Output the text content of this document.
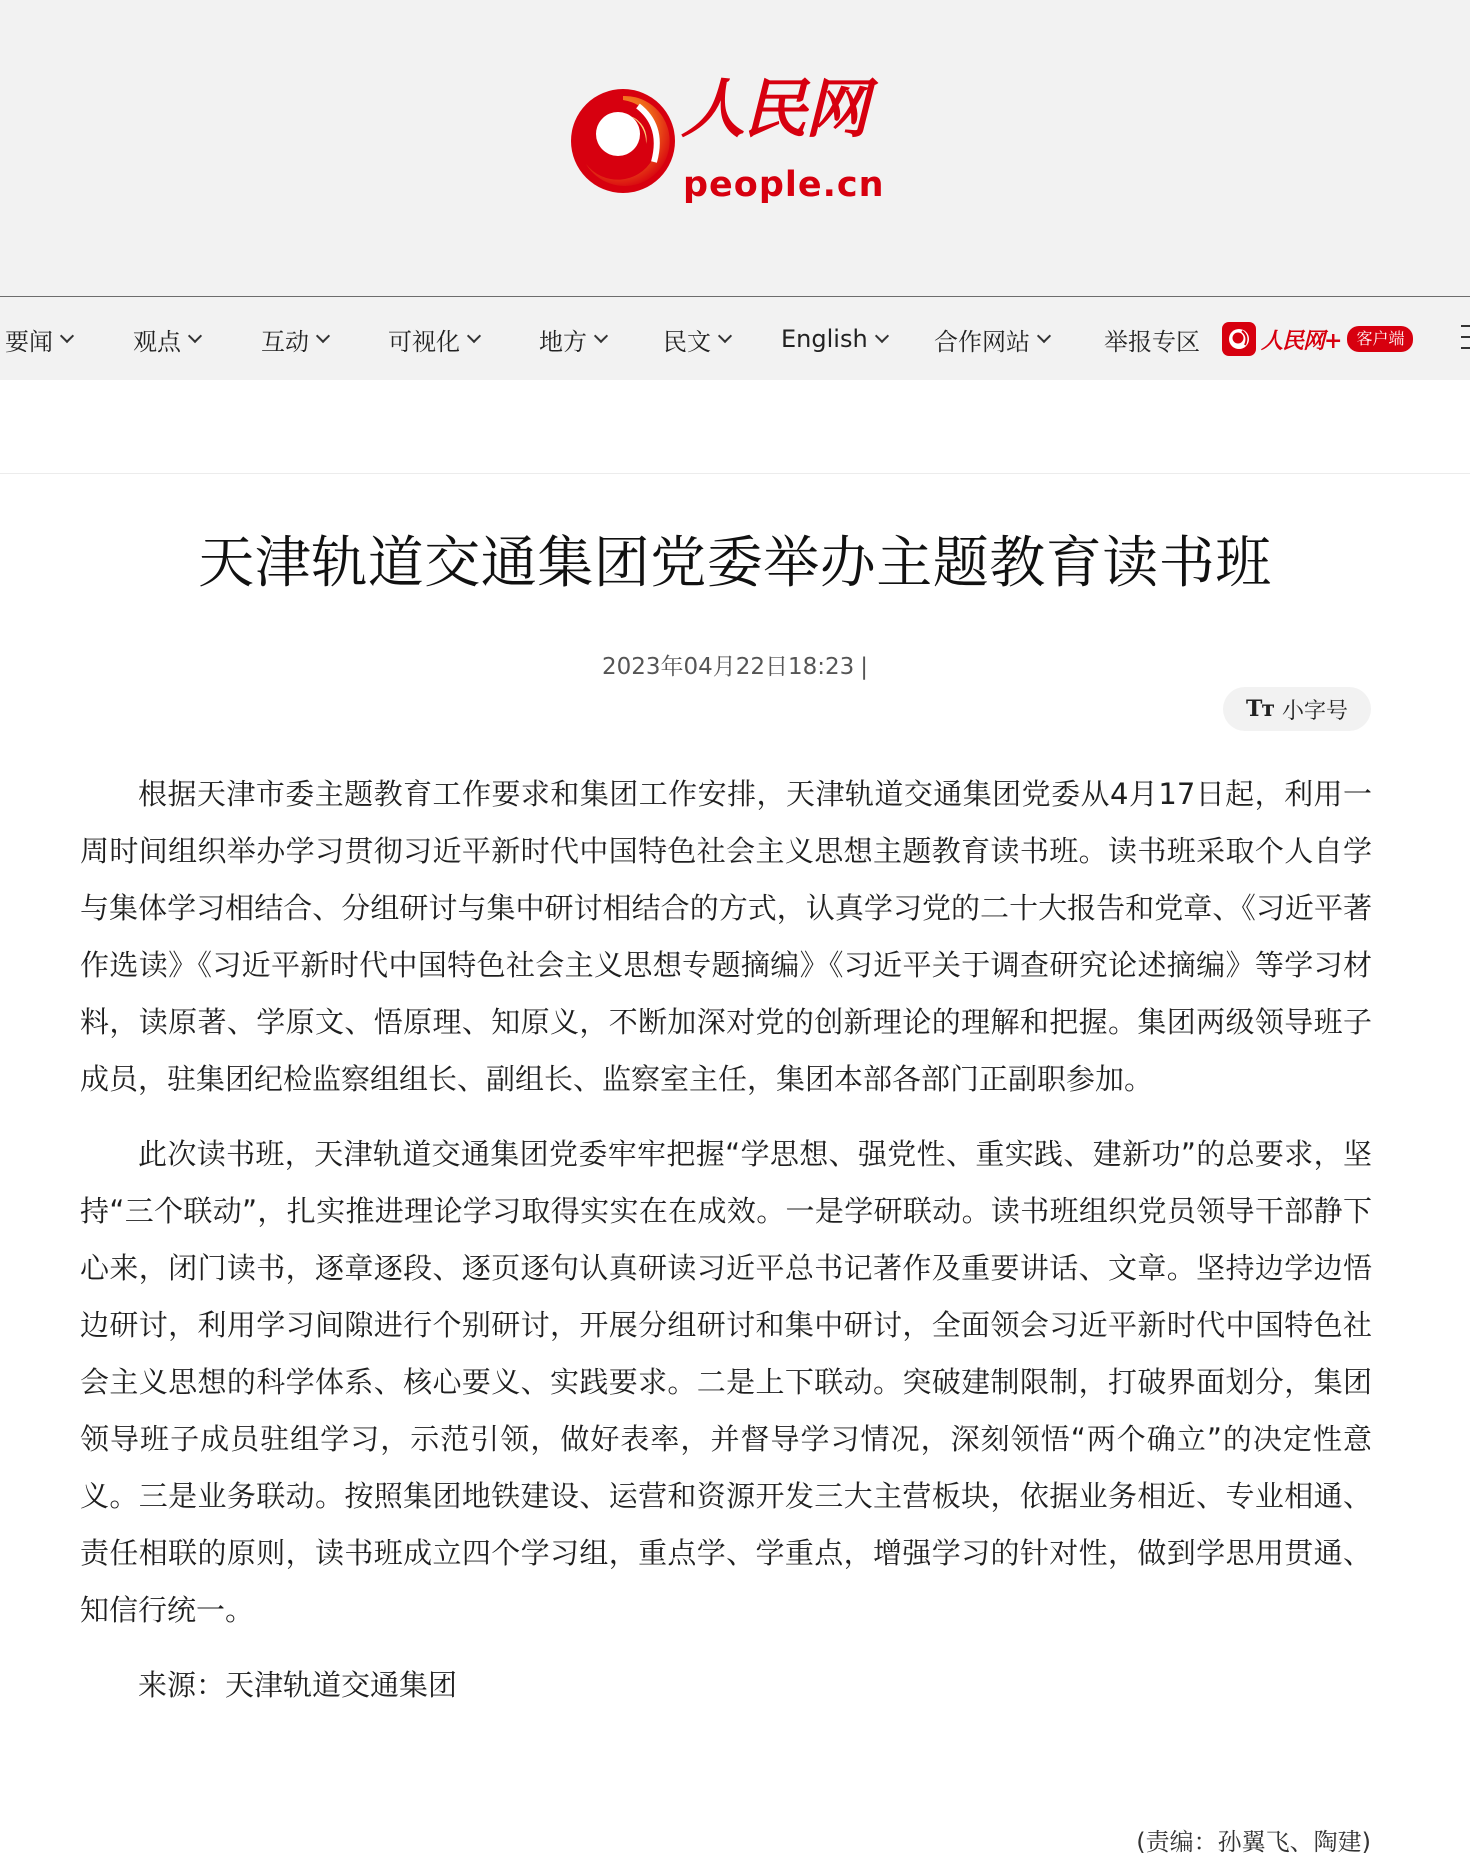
人民网
people.cn
要闻	观点	互动	可视化	地方	民文	English	合作网站	举报专区	人民网+ 客户端
天津轨道交通集团党委举办主题教育读书班
2023年04月22日18:23 |
Tт 小字号

根据天津市委主题教育工作要求和集团工作安排，天津轨道交通集团党委从4月17日起，利用一周时间组织举办学习贯彻习近平新时代中国特色社会主义思想主题教育读书班。读书班采取个人自学与集体学习相结合、分组研讨与集中研讨相结合的方式，认真学习党的二十大报告和党章、《习近平著作选读》《习近平新时代中国特色社会主义思想专题摘编》《习近平关于调查研究论述摘编》等学习材料，读原著、学原文、悟原理、知原义，不断加深对党的创新理论的理解和把握。集团两级领导班子成员，驻集团纪检监察组组长、副组长、监察室主任，集团本部各部门正副职参加。

此次读书班，天津轨道交通集团党委牢牢把握“学思想、强党性、重实践、建新功”的总要求，坚持“三个联动”，扎实推进理论学习取得实实在在成效。一是学研联动。读书班组织党员领导干部静下心来，闭门读书，逐章逐段、逐页逐句认真研读习近平总书记著作及重要讲话、文章。坚持边学边悟边研讨，利用学习间隙进行个别研讨，开展分组研讨和集中研讨，全面领会习近平新时代中国特色社会主义思想的科学体系、核心要义、实践要求。二是上下联动。突破建制限制，打破界面划分，集团领导班子成员驻组学习，示范引领，做好表率，并督导学习情况，深刻领悟“两个确立”的决定性意义。三是业务联动。按照集团地铁建设、运营和资源开发三大主营板块，依据业务相近、专业相通、责任相联的原则，读书班成立四个学习组，重点学、学重点，增强学习的针对性，做到学思用贯通、知信行统一。

来源：天津轨道交通集团

(责编：孙翼飞、陶建)
